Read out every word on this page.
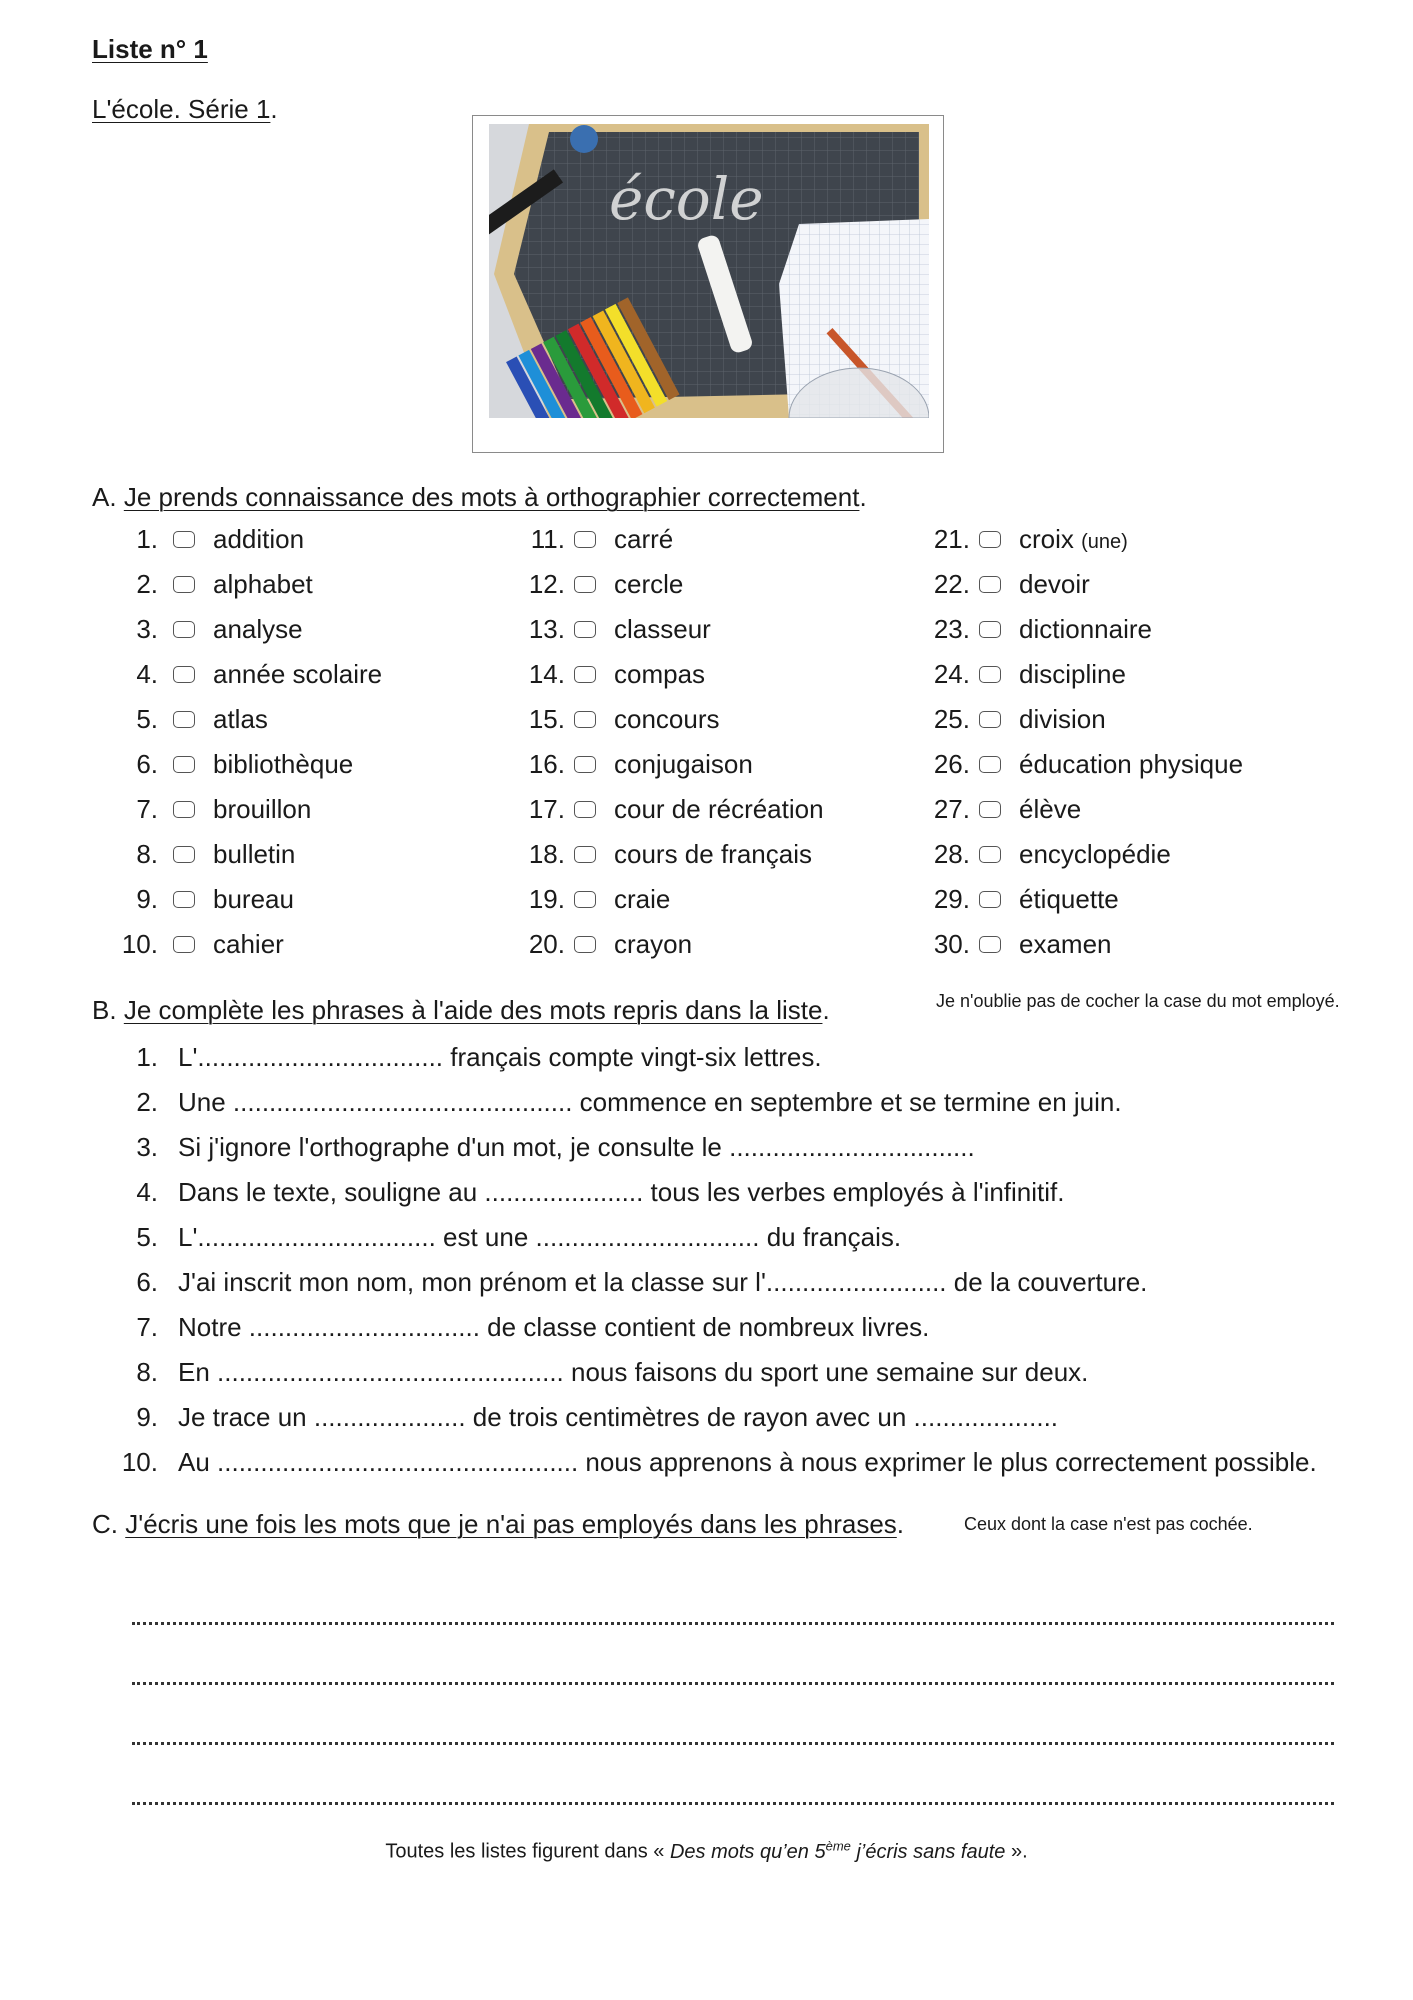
Liste n° 1
L'école. Série 1.
école
A. Je prends connaissance des mots à orthographier correctement.
1. addition
2. alphabet
3. analyse
4. année scolaire
5. atlas
6. bibliothèque
7. brouillon
8. bulletin
9. bureau
10. cahier
11. carré
12. cercle
13. classeur
14. compas
15. concours
16. conjugaison
17. cour de récréation
18. cours de français
19. craie
20. crayon
21. croix (une)
22. devoir
23. dictionnaire
24. discipline
25. division
26. éducation physique
27. élève
28. encyclopédie
29. étiquette
30. examen
B. Je complète les phrases à l'aide des mots repris dans la liste.	Je n'oublie pas de cocher la case du mot employé.
1. L'.................................. français compte vingt-six lettres.
2. Une ............................................... commence en septembre et se termine en juin.
3. Si j'ignore l'orthographe d'un mot, je consulte le ..................................
4. Dans le texte, souligne au ...................... tous les verbes employés à l'infinitif.
5. L'................................. est une ............................... du français.
6. J'ai inscrit mon nom, mon prénom et la classe sur l'......................... de la couverture.
7. Notre ................................ de classe contient de nombreux livres.
8. En ................................................ nous faisons du sport une semaine sur deux.
9. Je trace un ..................... de trois centimètres de rayon avec un ....................
10. Au .................................................. nous apprenons à nous exprimer le plus correctement possible.
C. J'écris une fois les mots que je n'ai pas employés dans les phrases.	Ceux dont la case n'est pas cochée.
Toutes les listes figurent dans « Des mots qu’en 5ème j’écris sans faute ».
